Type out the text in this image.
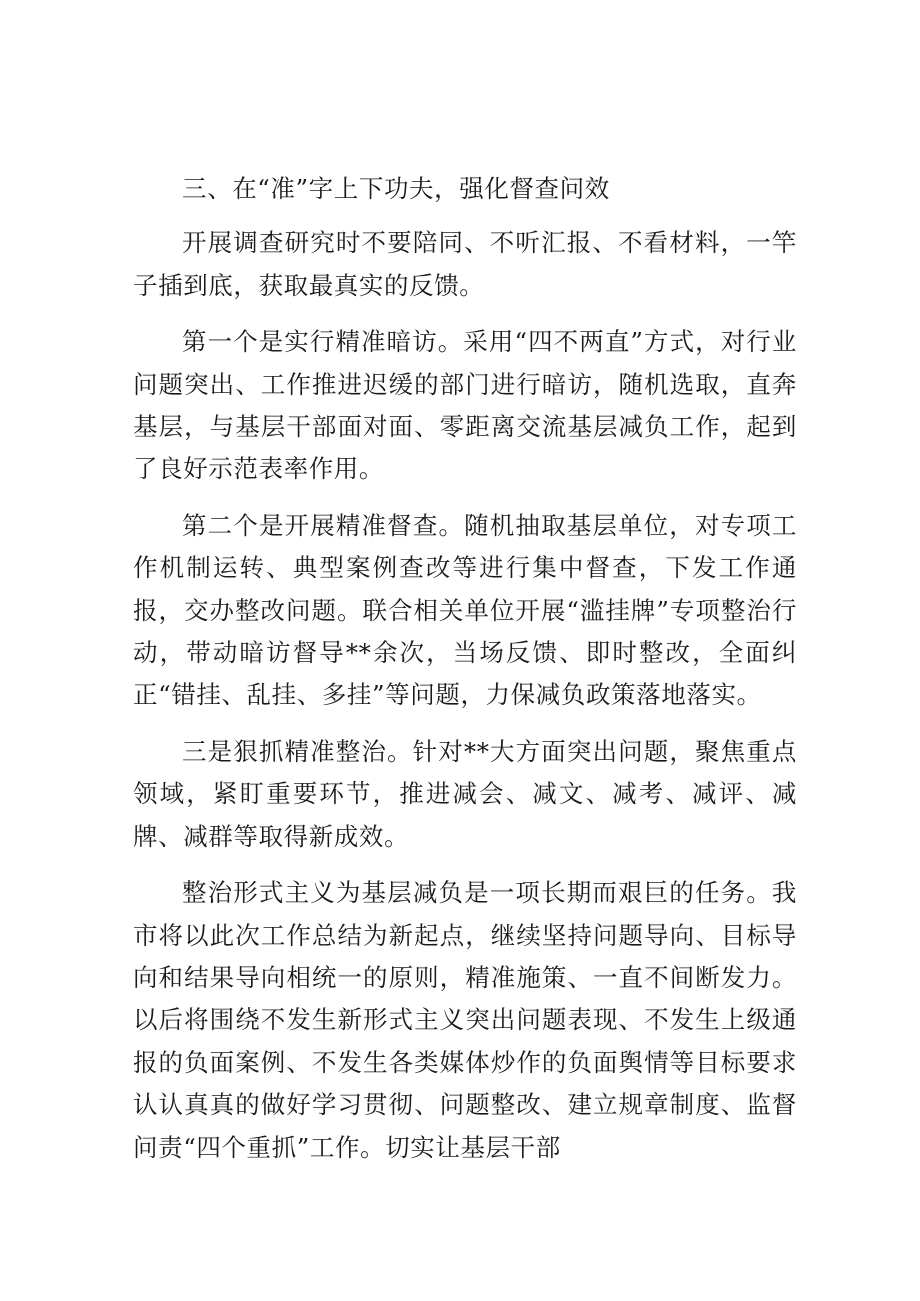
三、在“准”字上下功夫，强化督查问效

开展调查研究时不要陪同、不听汇报、不看材料，一竿子插到底，获取最真实的反馈。

第一个是实行精准暗访。采用“四不两直”方式，对行业问题突出、工作推进迟缓的部门进行暗访，随机选取，直奔基层，与基层干部面对面、零距离交流基层减负工作，起到了良好示范表率作用。

第二个是开展精准督查。随机抽取基层单位，对专项工作机制运转、典型案例查改等进行集中督查，下发工作通报，交办整改问题。联合相关单位开展“滥挂牌”专项整治行动，带动暗访督导**余次，当场反馈、即时整改，全面纠正“错挂、乱挂、多挂”等问题，力保减负政策落地落实。

三是狠抓精准整治。针对**大方面突出问题，聚焦重点领域，紧盯重要环节，推进减会、减文、减考、减评、减牌、减群等取得新成效。

整治形式主义为基层减负是一项长期而艰巨的任务。我市将以此次工作总结为新起点，继续坚持问题导向、目标导向和结果导向相统一的原则，精准施策、一直不间断发力。以后将围绕不发生新形式主义突出问题表现、不发生上级通报的负面案例、不发生各类媒体炒作的负面舆情等目标要求认认真真的做好学习贯彻、问题整改、建立规章制度、监督问责“四个重抓”工作。切实让基层干部
